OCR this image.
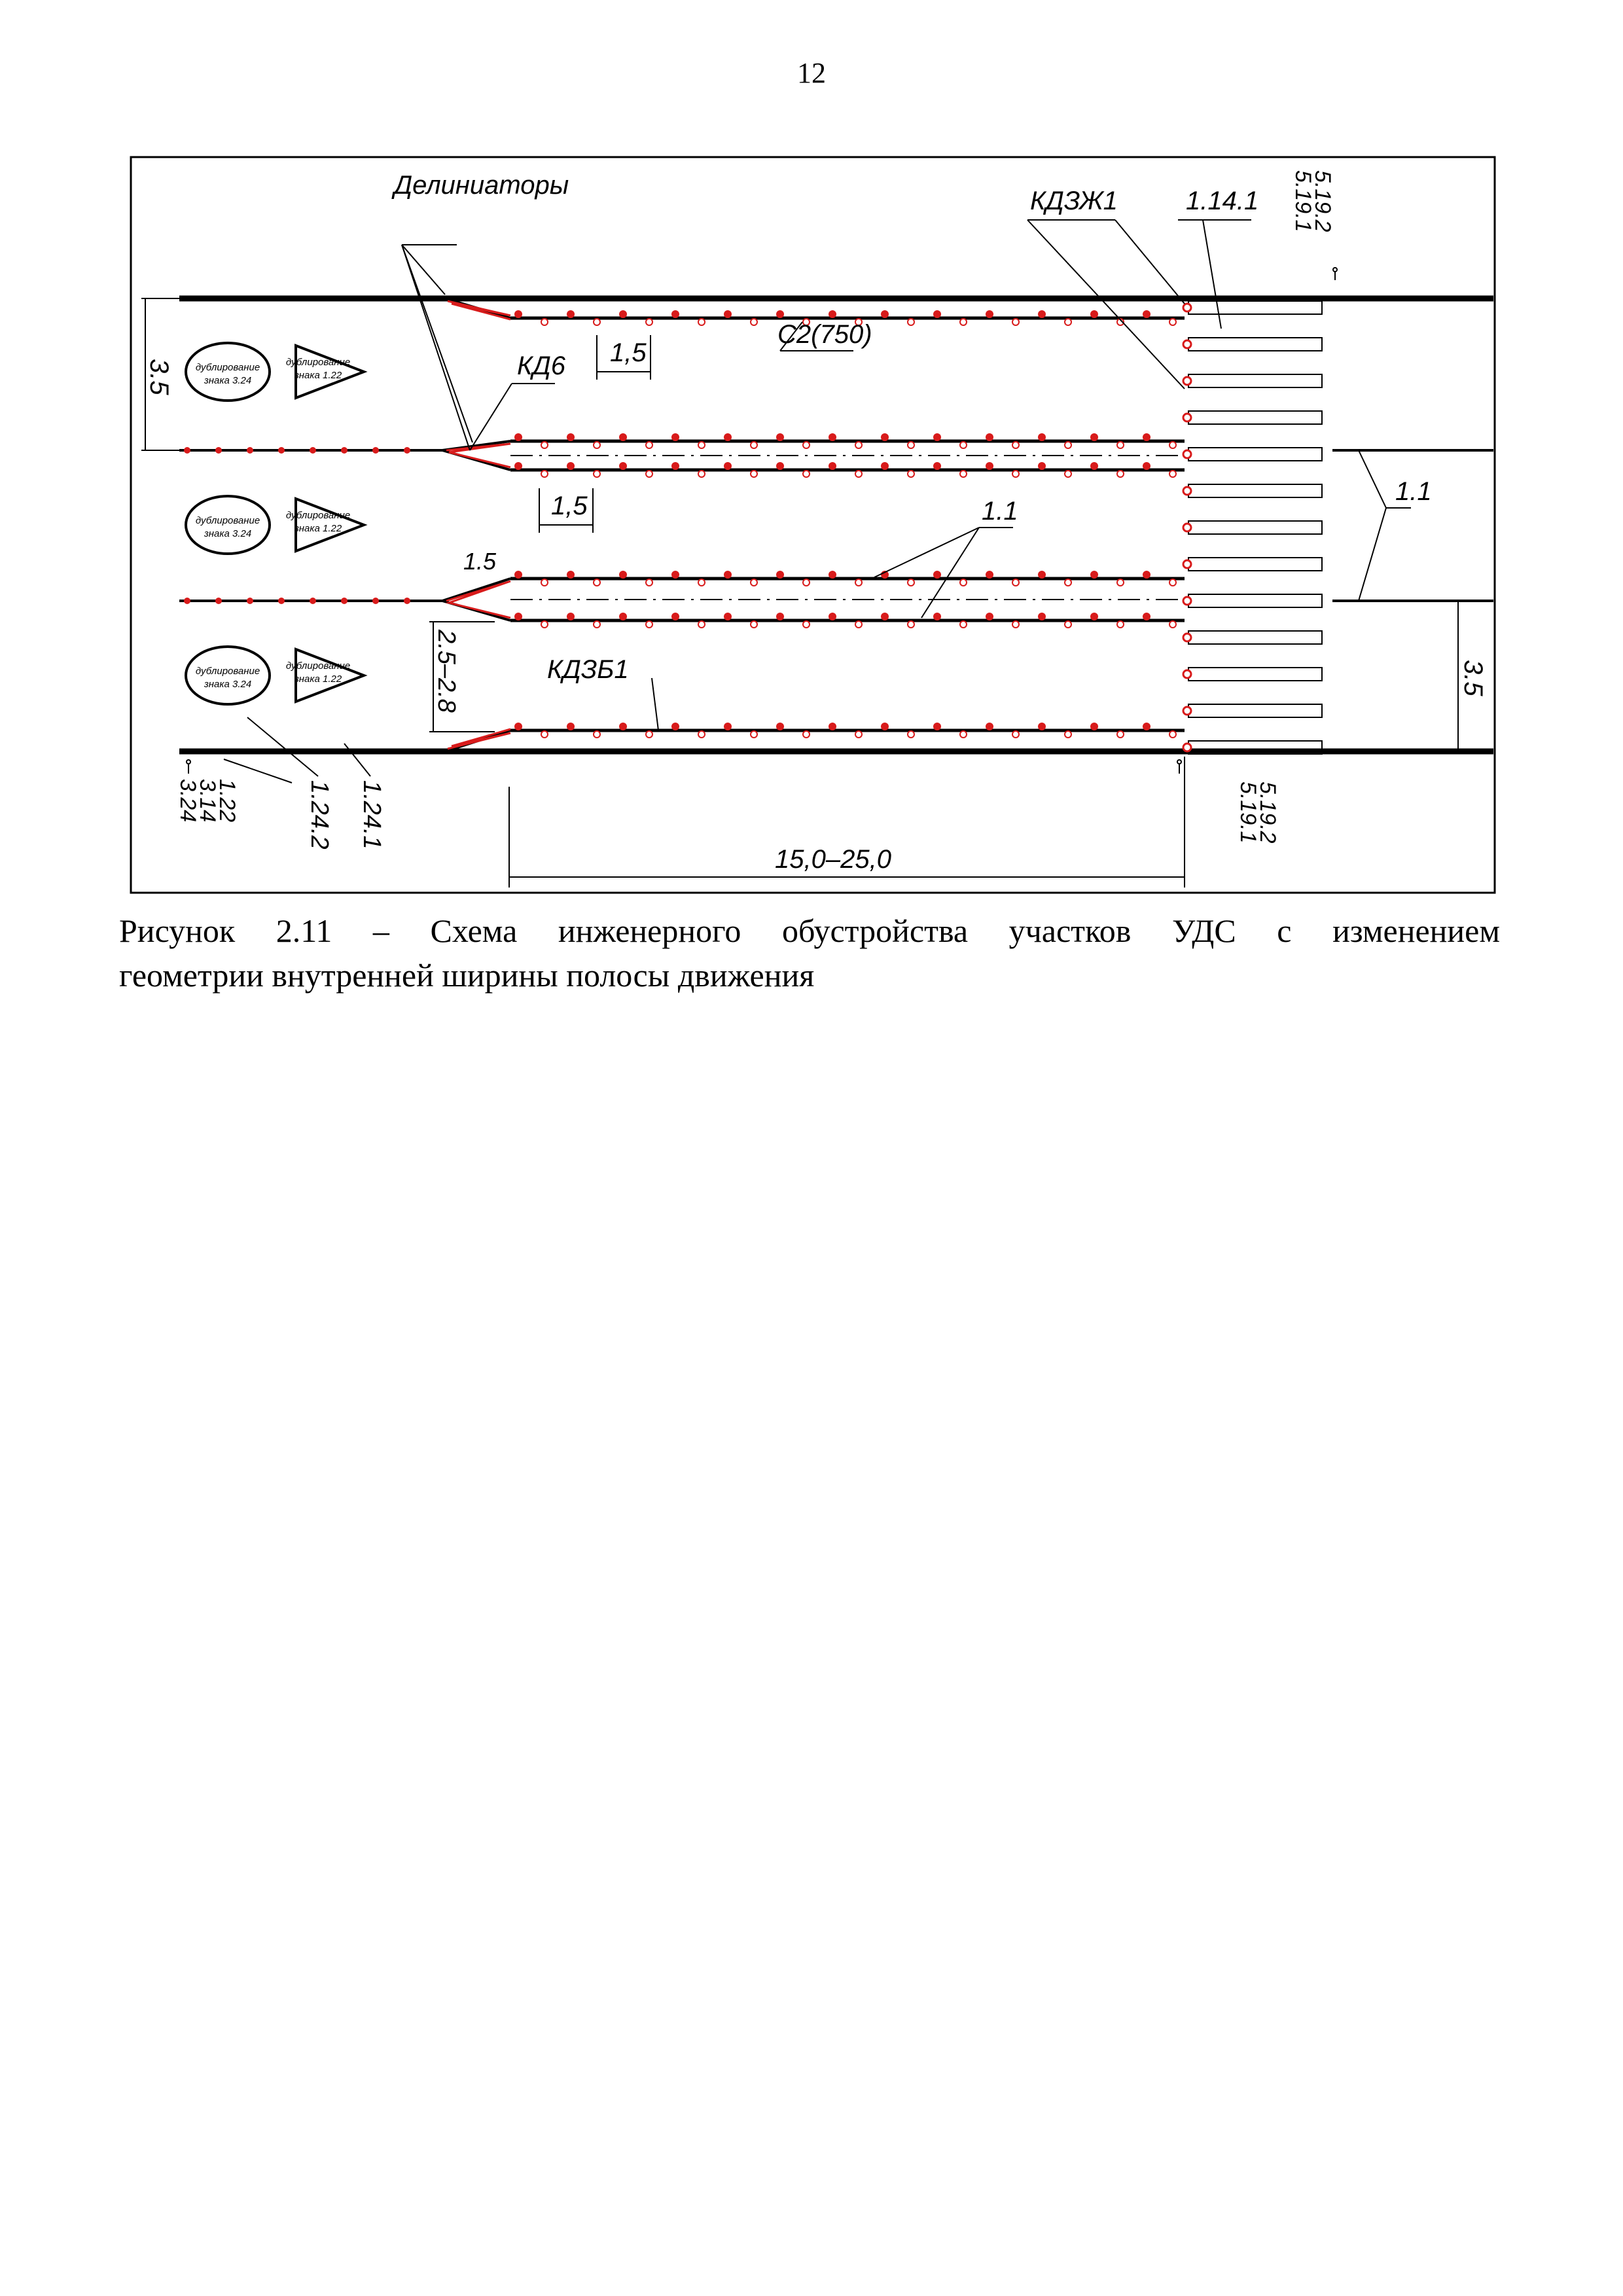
12
дублирование
знака 3.24
дублирование
знака 1.22
дублирование
знака 3.24
дублирование
знака 1.22
дублирование
знака 3.24
дублирование
знака 1.22
Делиниаторы
КДЗЖ1	1.14.1
КД6
С2(750)
1,5
1,5
1.5
1.1
1.1
КДЗБ1
15,0–25,0
3.5
3.5
2.5–2.8
5.19.1
5.19.2
5.19.1
5.19.2
1.22
3.14
3.24	1.24.2 1.24.1
Рисунок 2.11 – Схема инженерного обустройства участков УДС с изменением
геометрии внутренней ширины полосы движения
